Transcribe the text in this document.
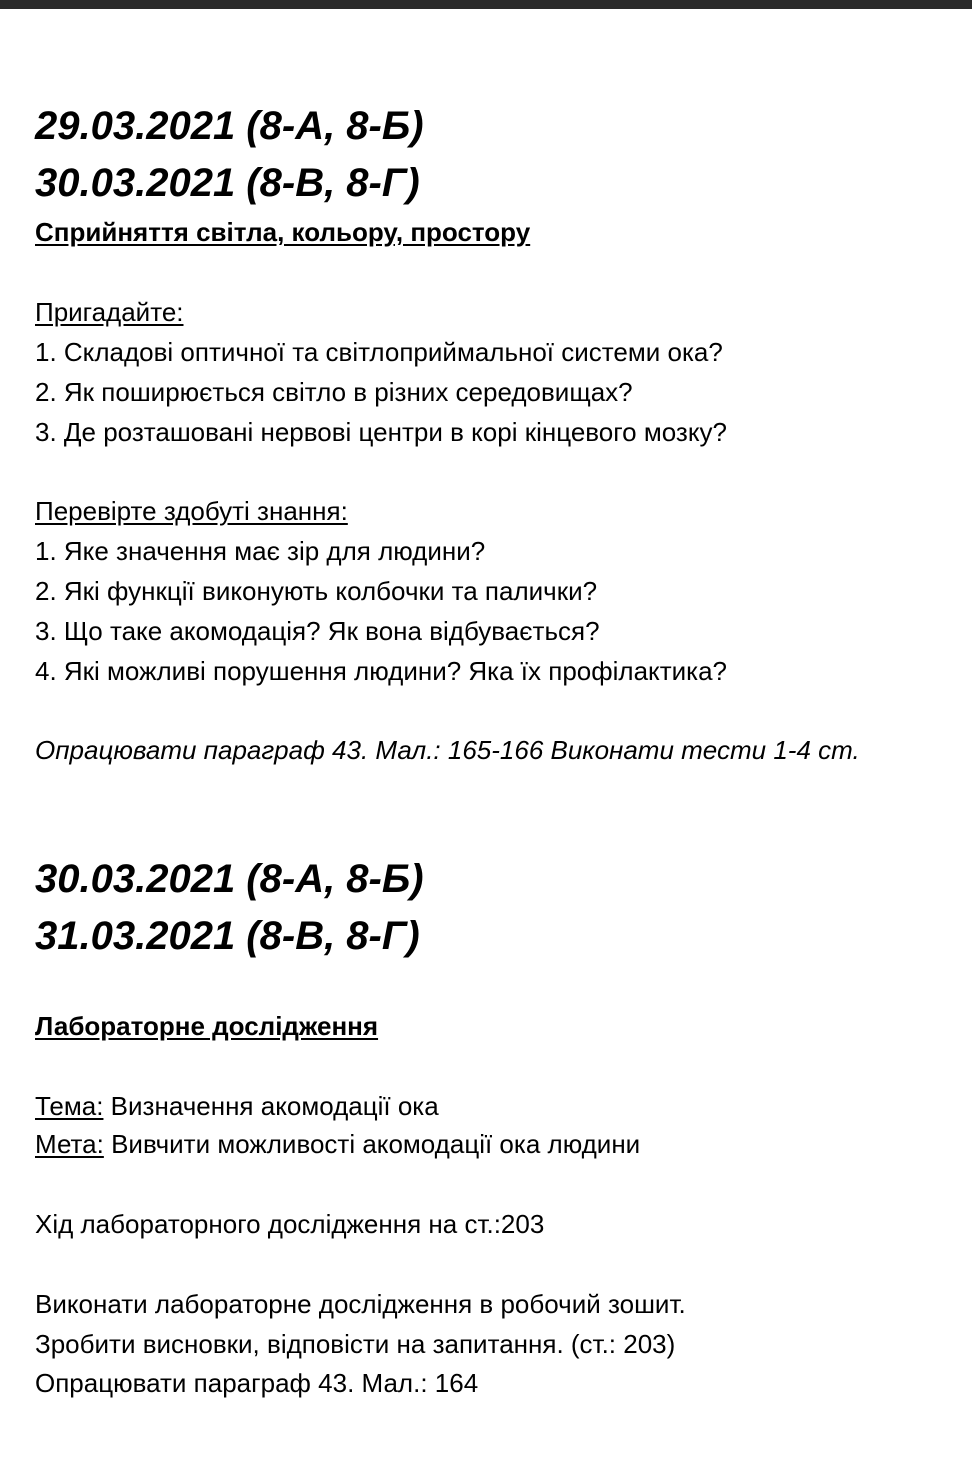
29.03.2021 (8-А, 8-Б)
30.03.2021 (8-В, 8-Г)
Сприйняття світла, кольору, простору
Пригадайте:
1. Складові оптичної та світлоприймальної системи ока?
2. Як поширюється світло в різних середовищах?
3. Де розташовані нервові центри в корі кінцевого мозку?
Перевірте здобуті знання:
1. Яке значення має зір для людини?
2. Які функції виконують колбочки та палички?
3. Що таке акомодація? Як вона відбувається?
4. Які можливі порушення людини? Яка їх профілактика?
Опрацювати параграф 43. Мал.: 165-166 Виконати тести 1-4 ст.
30.03.2021 (8-А, 8-Б)
31.03.2021 (8-В, 8-Г)
Лабораторне дослідження
Тема: Визначення акомодації ока
Мета: Вивчити можливості акомодації ока людини
Хід лабораторного дослідження на ст.:203
Виконати лабораторне дослідження в робочий зошит.
Зробити висновки, відповісти на запитання. (ст.: 203)
Опрацювати параграф 43. Мал.: 164
